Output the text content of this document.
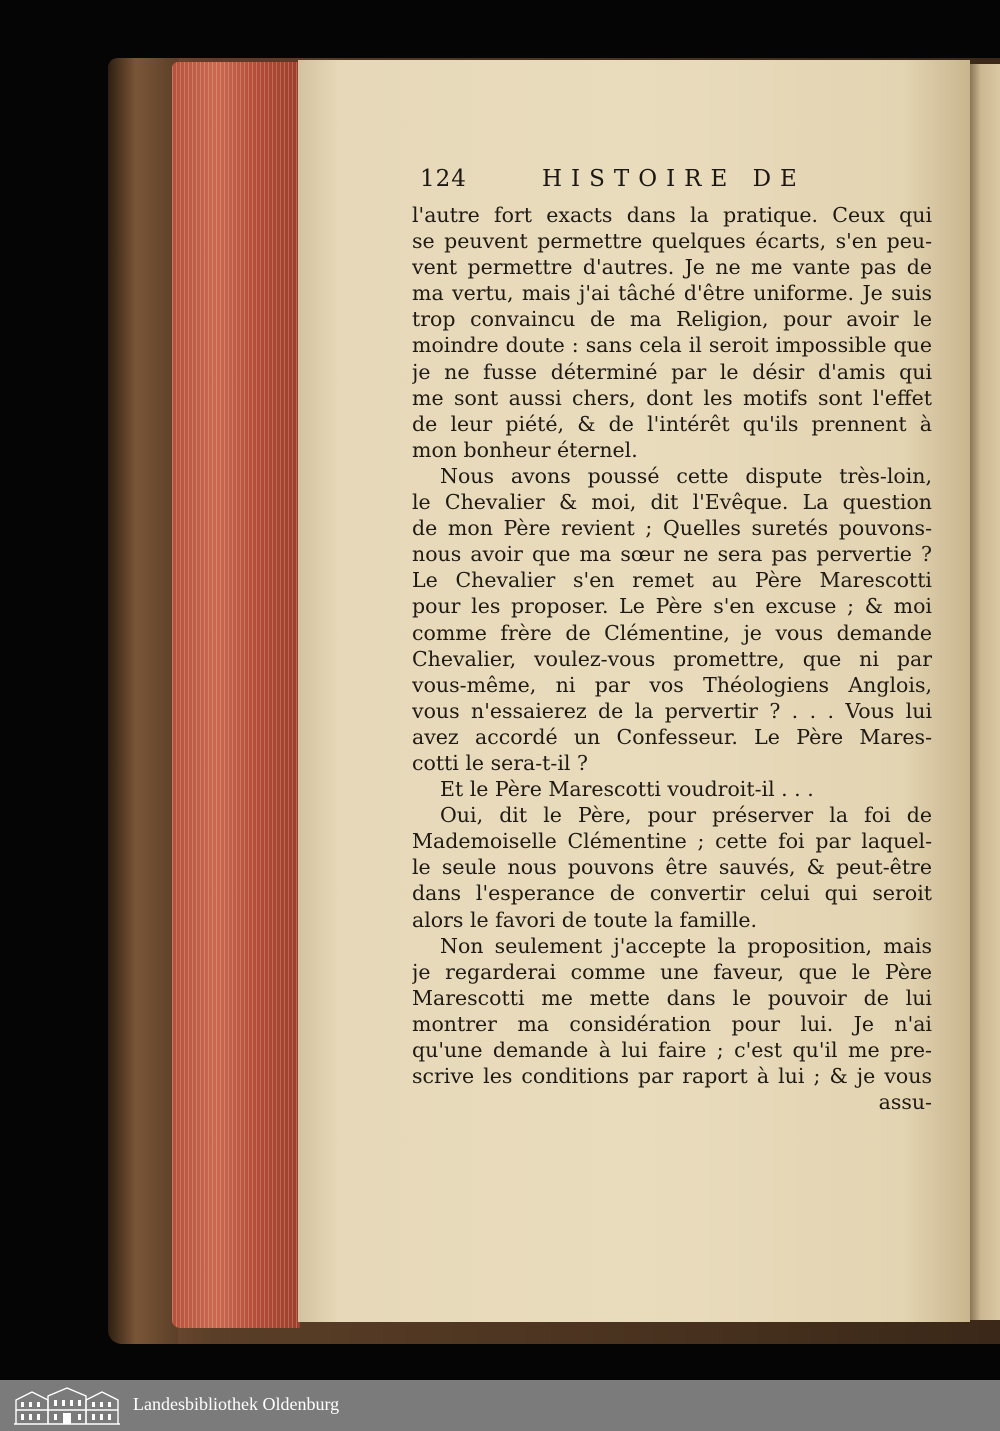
124	HISTOIRE DE
l'autre fort exacts dans la pratique. Ceux qui
se peuvent permettre quelques écarts, s'en peu-
vent permettre d'autres. Je ne me vante pas de
ma vertu, mais j'ai tâché d'être uniforme. Je suis
trop convaincu de ma Religion, pour avoir le
moindre doute : sans cela il seroit impossible que
je ne fusse déterminé par le désir d'amis qui
me sont aussi chers, dont les motifs sont l'effet
de leur piété, & de l'intérêt qu'ils prennent à
mon bonheur éternel.
Nous avons poussé cette dispute très-loin,
le Chevalier & moi, dit l'Evêque. La question
de mon Père revient ; Quelles suretés pouvons-
nous avoir que ma sœur ne sera pas pervertie ?
Le Chevalier s'en remet au Père Marescotti
pour les proposer. Le Père s'en excuse ; & moi
comme frère de Clémentine, je vous demande
Chevalier, voulez-vous promettre, que ni par
vous-même, ni par vos Théologiens Anglois,
vous n'essaierez de la pervertir ? . . . Vous lui
avez accordé un Confesseur. Le Père Mares-
cotti le sera-t-il ?
Et le Père Marescotti voudroit-il . . .
Oui, dit le Père, pour préserver la foi de
Mademoiselle Clémentine ; cette foi par laquel-
le seule nous pouvons être sauvés, & peut-être
dans l'esperance de convertir celui qui seroit
alors le favori de toute la famille.
Non seulement j'accepte la proposition, mais
je regarderai comme une faveur, que le Père
Marescotti me mette dans le pouvoir de lui
montrer ma considération pour lui. Je n'ai
qu'une demande à lui faire ; c'est qu'il me pre-
scrive les conditions par raport à lui ; & je vous
assu-
Landesbibliothek Oldenburg
